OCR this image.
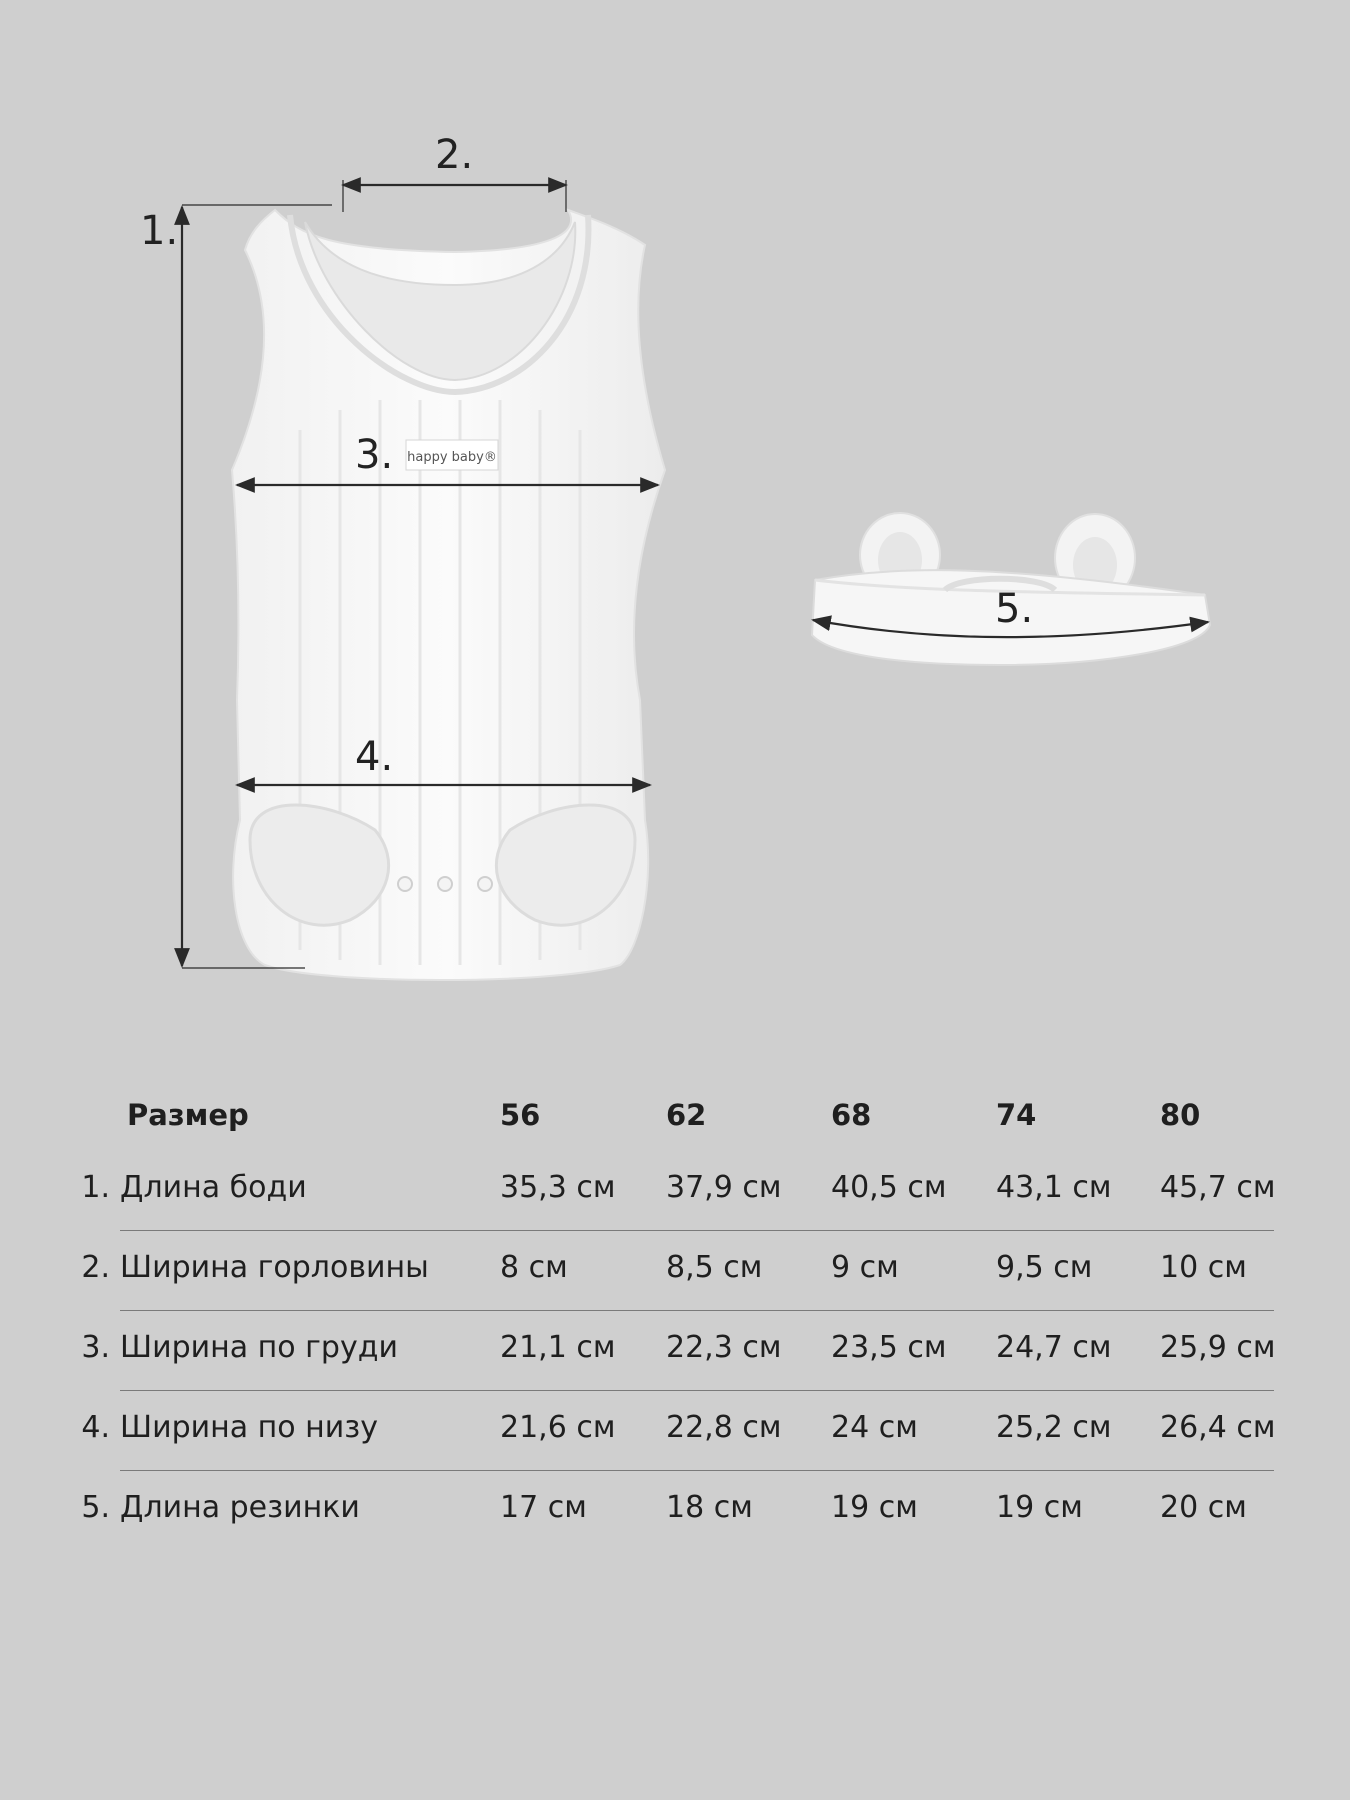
happy baby®
1.
2.
3.
4.
5.
Размер	56	62	68	74	80
1. Длина боди	35,3 см 37,9 см 40,5 см 43,1 см 45,7 см
2. Ширина горловины 8 см	8,5 см 9 см	9,5 см 10 см
3. Ширина по груди	21,1 см 22,3 см 23,5 см 24,7 см 25,9 см
4. Ширина по низу	21,6 см 22,8 см 24 см	25,2 см 26,4 см
5. Длина резинки	17 см	18 см	19 см	19 см	20 см
